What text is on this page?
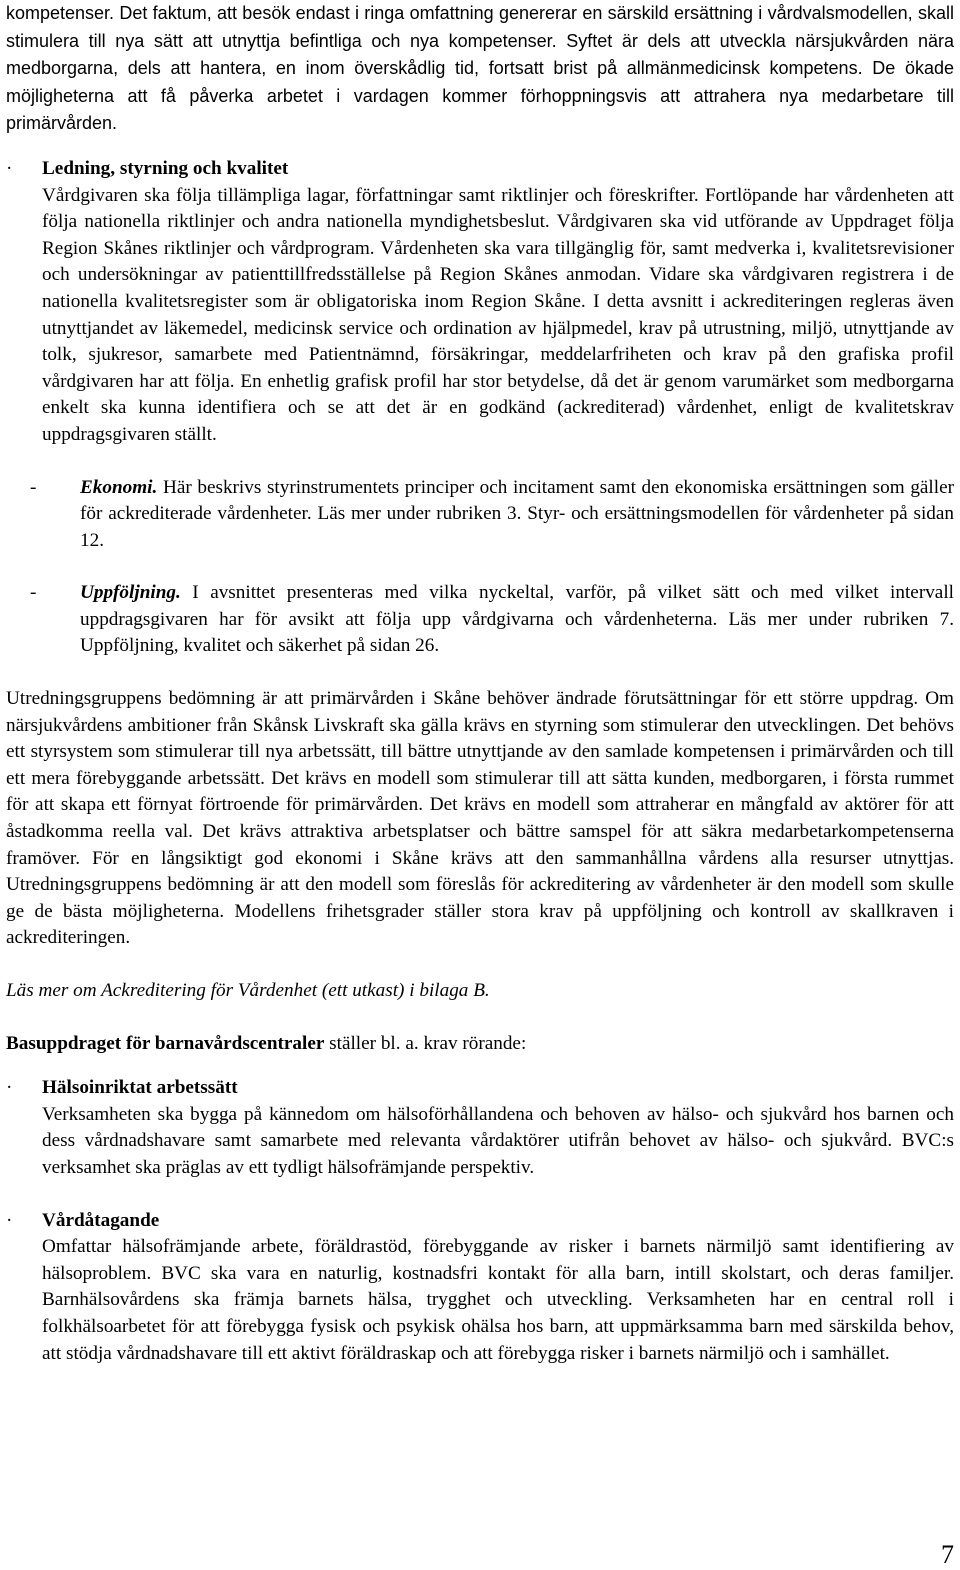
kompetenser. Det faktum, att besök endast i ringa omfattning genererar en särskild ersättning i vårdvalsmodellen, skall stimulera till nya sätt att utnyttja befintliga och nya kompetenser. Syftet är dels att utveckla närsjukvården nära medborgarna, dels att hantera, en inom överskådlig tid, fortsatt brist på allmänmedicinsk kompetens. De ökade möjligheterna att få påverka arbetet i vardagen kommer förhoppningsvis att attrahera nya medarbetare till primärvården.

· Ledning, styrning och kvalitet

Vårdgivaren ska följa tillämpliga lagar, författningar samt riktlinjer och föreskrifter. Fortlöpande har vårdenheten att följa nationella riktlinjer och andra nationella myndighetsbeslut. Vårdgivaren ska vid utförande av Uppdraget följa Region Skånes riktlinjer och vårdprogram. Vårdenheten ska vara tillgänglig för, samt medverka i, kvalitetsrevisioner och undersökningar av patienttillfredsställelse på Region Skånes anmodan. Vidare ska vårdgivaren registrera i de nationella kvalitetsregister som är obligatoriska inom Region Skåne. I detta avsnitt i ackrediteringen regleras även utnyttjandet av läkemedel, medicinsk service och ordination av hjälpmedel, krav på utrustning, miljö, utnyttjande av tolk, sjukresor, samarbete med Patientnämnd, försäkringar, meddelarfriheten och krav på den grafiska profil vårdgivaren har att följa. En enhetlig grafisk profil har stor betydelse, då det är genom varumärket som medborgarna enkelt ska kunna identifiera och se att det är en godkänd (ackrediterad) vårdenhet, enligt de kvalitetskrav uppdragsgivaren ställt.

- Ekonomi. Här beskrivs styrinstrumentets principer och incitament samt den ekonomiska ersättningen som gäller för ackrediterade vårdenheter. Läs mer under rubriken 3. Styr- och ersättningsmodellen för vårdenheter på sidan 12.

- Uppföljning. I avsnittet presenteras med vilka nyckeltal, varför, på vilket sätt och med vilket intervall uppdragsgivaren har för avsikt att följa upp vårdgivarna och vårdenheterna. Läs mer under rubriken 7. Uppföljning, kvalitet och säkerhet på sidan 26.

Utredningsgruppens bedömning är att primärvården i Skåne behöver ändrade förutsättningar för ett större uppdrag. Om närsjukvårdens ambitioner från Skånsk Livskraft ska gälla krävs en styrning som stimulerar den utvecklingen. Det behövs ett styrsystem som stimulerar till nya arbetssätt, till bättre utnyttjande av den samlade kompetensen i primärvården och till ett mera förebyggande arbetssätt. Det krävs en modell som stimulerar till att sätta kunden, medborgaren, i första rummet för att skapa ett förnyat förtroende för primärvården. Det krävs en modell som attraherar en mångfald av aktörer för att åstadkomma reella val. Det krävs attraktiva arbetsplatser och bättre samspel för att säkra medarbetarkompetenserna framöver. För en långsiktigt god ekonomi i Skåne krävs att den sammanhållna vårdens alla resurser utnyttjas. Utredningsgruppens bedömning är att den modell som föreslås för ackreditering av vårdenheter är den modell som skulle ge de bästa möjligheterna. Modellens frihetsgrader ställer stora krav på uppföljning och kontroll av skallkraven i ackrediteringen.

Läs mer om Ackreditering för Vårdenhet (ett utkast) i bilaga B.

Basuppdraget för barnavårdscentraler ställer bl. a. krav rörande:

· Hälsoinriktat arbetssätt

Verksamheten ska bygga på kännedom om hälsoförhållandena och behoven av hälso- och sjukvård hos barnen och dess vårdnadshavare samt samarbete med relevanta vårdaktörer utifrån behovet av hälso- och sjukvård. BVC:s verksamhet ska präglas av ett tydligt hälsofrämjande perspektiv.

· Vårdåtagande

Omfattar hälsofrämjande arbete, föräldrastöd, förebyggande av risker i barnets närmiljö samt identifiering av hälsoproblem. BVC ska vara en naturlig, kostnadsfri kontakt för alla barn, intill skolstart, och deras familjer. Barnhälsovårdens ska främja barnets hälsa, trygghet och utveckling. Verksamheten har en central roll i folkhälsoarbetet för att förebygga fysisk och psykisk ohälsa hos barn, att uppmärksamma barn med särskilda behov, att stödja vårdnadshavare till ett aktivt föräldraskap och att förebygga risker i barnets närmiljö och i samhället.

7
